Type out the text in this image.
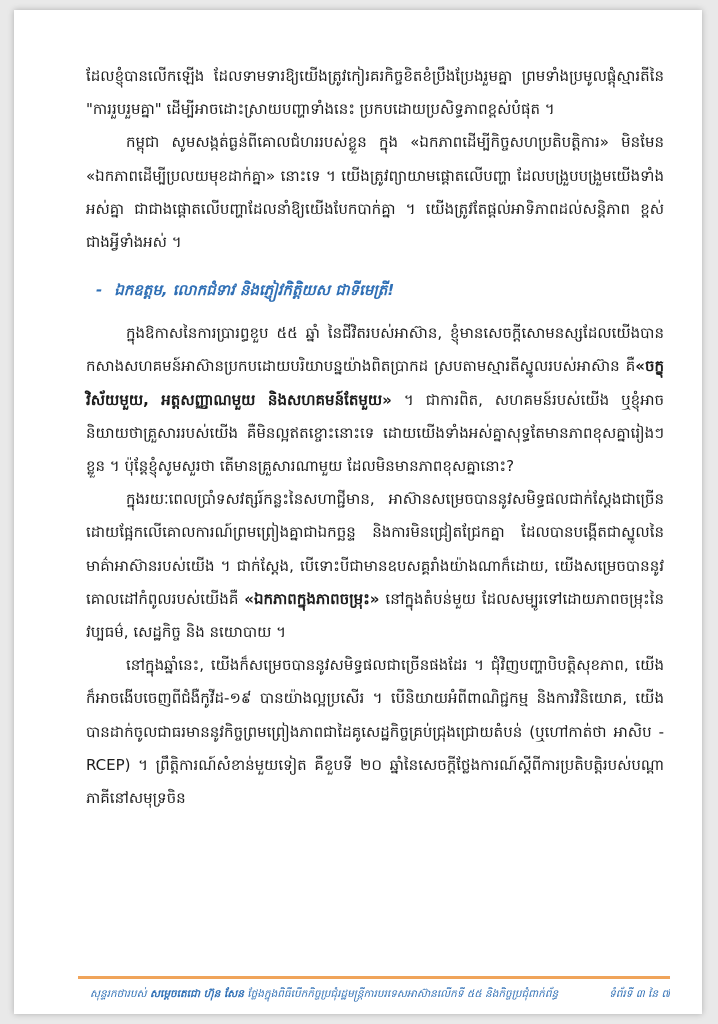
ដែលខ្ញុំបានលើកឡើង ដែលទាមទារឱ្យយើងត្រូវកៀរគរកិច្ចខិតខំប្រឹងប្រែងរួមគ្នា ព្រមទាំងប្រមូលផ្តុំស្មារតីនៃ "ការរួបរួមគ្នា" ដើម្បីអាចដោះស្រាយបញ្ហាទាំងនេះ ប្រកបដោយប្រសិទ្ធភាពខ្ពស់បំផុត ។

កម្ពុជា សូមសង្កត់ធ្ងន់ពីគោលជំហររបស់ខ្លួន ក្នុង «ឯកភាពដើម្បីកិច្ចសហប្រតិបត្តិការ» មិនមែន «ឯកភាពដើម្បីប្រលយមុខដាក់គ្នា» នោះទេ ។ យើងត្រូវព្យាយាមផ្តោតលើបញ្ហា ដែលបង្រួបបង្រួមយើងទាំងអស់គ្នា ជាជាងផ្តោតលើបញ្ហាដែលនាំឱ្យយើងបែកបាក់គ្នា ។ យើងត្រូវតែផ្តល់អាទិភាពដល់សន្តិភាព ខ្ពស់ជាងអ្វីទាំងអស់ ។

- ឯកឧត្តម, លោកជំទាវ និងភ្ញៀវកិត្តិយស ជាទីមេត្រី!

ក្នុងឱកាសនៃការប្រារព្ធខួប ៥៥ ឆ្នាំ នៃជីវិតរបស់អាស៊ាន, ខ្ញុំមានសេចក្តីសោមនស្សដែលយើងបានកសាងសហគមន៍អាស៊ានប្រកបដោយបរិយាបន្នយ៉ាងពិតប្រាកដ ស្របតាមស្មារតីស្នូលរបស់អាស៊ាន គឺ«ចក្ខុវិស័យមួយ, អត្តសញ្ញាណមួយ និងសហគមន៍តែមួយ» ។ ជាការពិត, សហគមន៍របស់យើង ឬខ្ញុំអាចនិយាយថាគ្រួសាររបស់យើង គឺមិនល្អឥតខ្ចោះនោះទេ ដោយយើងទាំងអស់គ្នាសុទ្ធតែមានភាពខុសគ្នារៀងៗខ្លួន ។ ប៉ុន្តែខ្ញុំសូមសួរថា តើមានគ្រួសារណាមួយ ដែលមិនមានភាពខុសគ្នានោះ?

ក្នុងរយៈពេលប្រាំទសវត្សរ៍កន្លះនៃសហាជ្ជីមាន, អាស៊ានសម្រេចបាននូវសមិទ្ធផលជាក់ស្តែងជាច្រើន ដោយផ្អែកលើគោលការណ៍ព្រមព្រៀងគ្នាជាឯកច្ឆន្ទ និងការមិនជ្រៀតជ្រែកគ្នា ដែលបានបង្កើតជាស្នូលនៃមាគ៌ាអាស៊ានរបស់យើង ។ ជាក់ស្តែង, បើទោះបីជាមានឧបសគ្គរាំងយ៉ាងណាក៏ដោយ, យើងសម្រេចបាននូវគោលដៅកំពូលរបស់យើងគឺ «ឯកភាពក្នុងភាពចម្រុះ» នៅក្នុងតំបន់មួយ ដែលសម្បូរទៅដោយភាពចម្រុះនៃវប្បធម៌, សេដ្ឋកិច្ច និង នយោបាយ ។

នៅក្នុងឆ្នាំនេះ, យើងក៏សម្រេចបាននូវសមិទ្ធផលជាច្រើនផងដែរ ។ ជុំវិញបញ្ហាបិបត្តិសុខភាព, យើងក៏អាចងើបចេញពីជំងឺកូវីដ-១៩ បានយ៉ាងល្អប្រសើរ ។ បើនិយាយអំពីពាណិជ្ជកម្ម និងការវិនិយោគ, យើងបានដាក់ចូលជាធរមាននូវកិច្ចព្រមព្រៀងភាពជាដៃគូសេដ្ឋកិច្ចគ្រប់ជ្រុងជ្រោយតំបន់ (ឬហៅកាត់ថា អាសិប - RCEP) ។ ព្រឹត្តិការណ៍សំខាន់មួយទៀត គឺខួបទី ២០ ឆ្នាំនៃសេចក្តីថ្លែងការណ៍ស្តីពីការប្រតិបត្តិរបស់បណ្តាភាគីនៅសមុទ្រចិន

សុន្ទរកថារបស់ សម្តេចតេជោ ហ៊ុន សែន ថ្លែងក្នុងពិធីបើកកិច្ចប្រជុំរដ្ឋមន្ត្រីការបរទេសអាស៊ានលើកទី ៥៥ និងកិច្ចប្រជុំពាក់ព័ន្ធ	ទំព័រទី ៣ នៃ ៧
